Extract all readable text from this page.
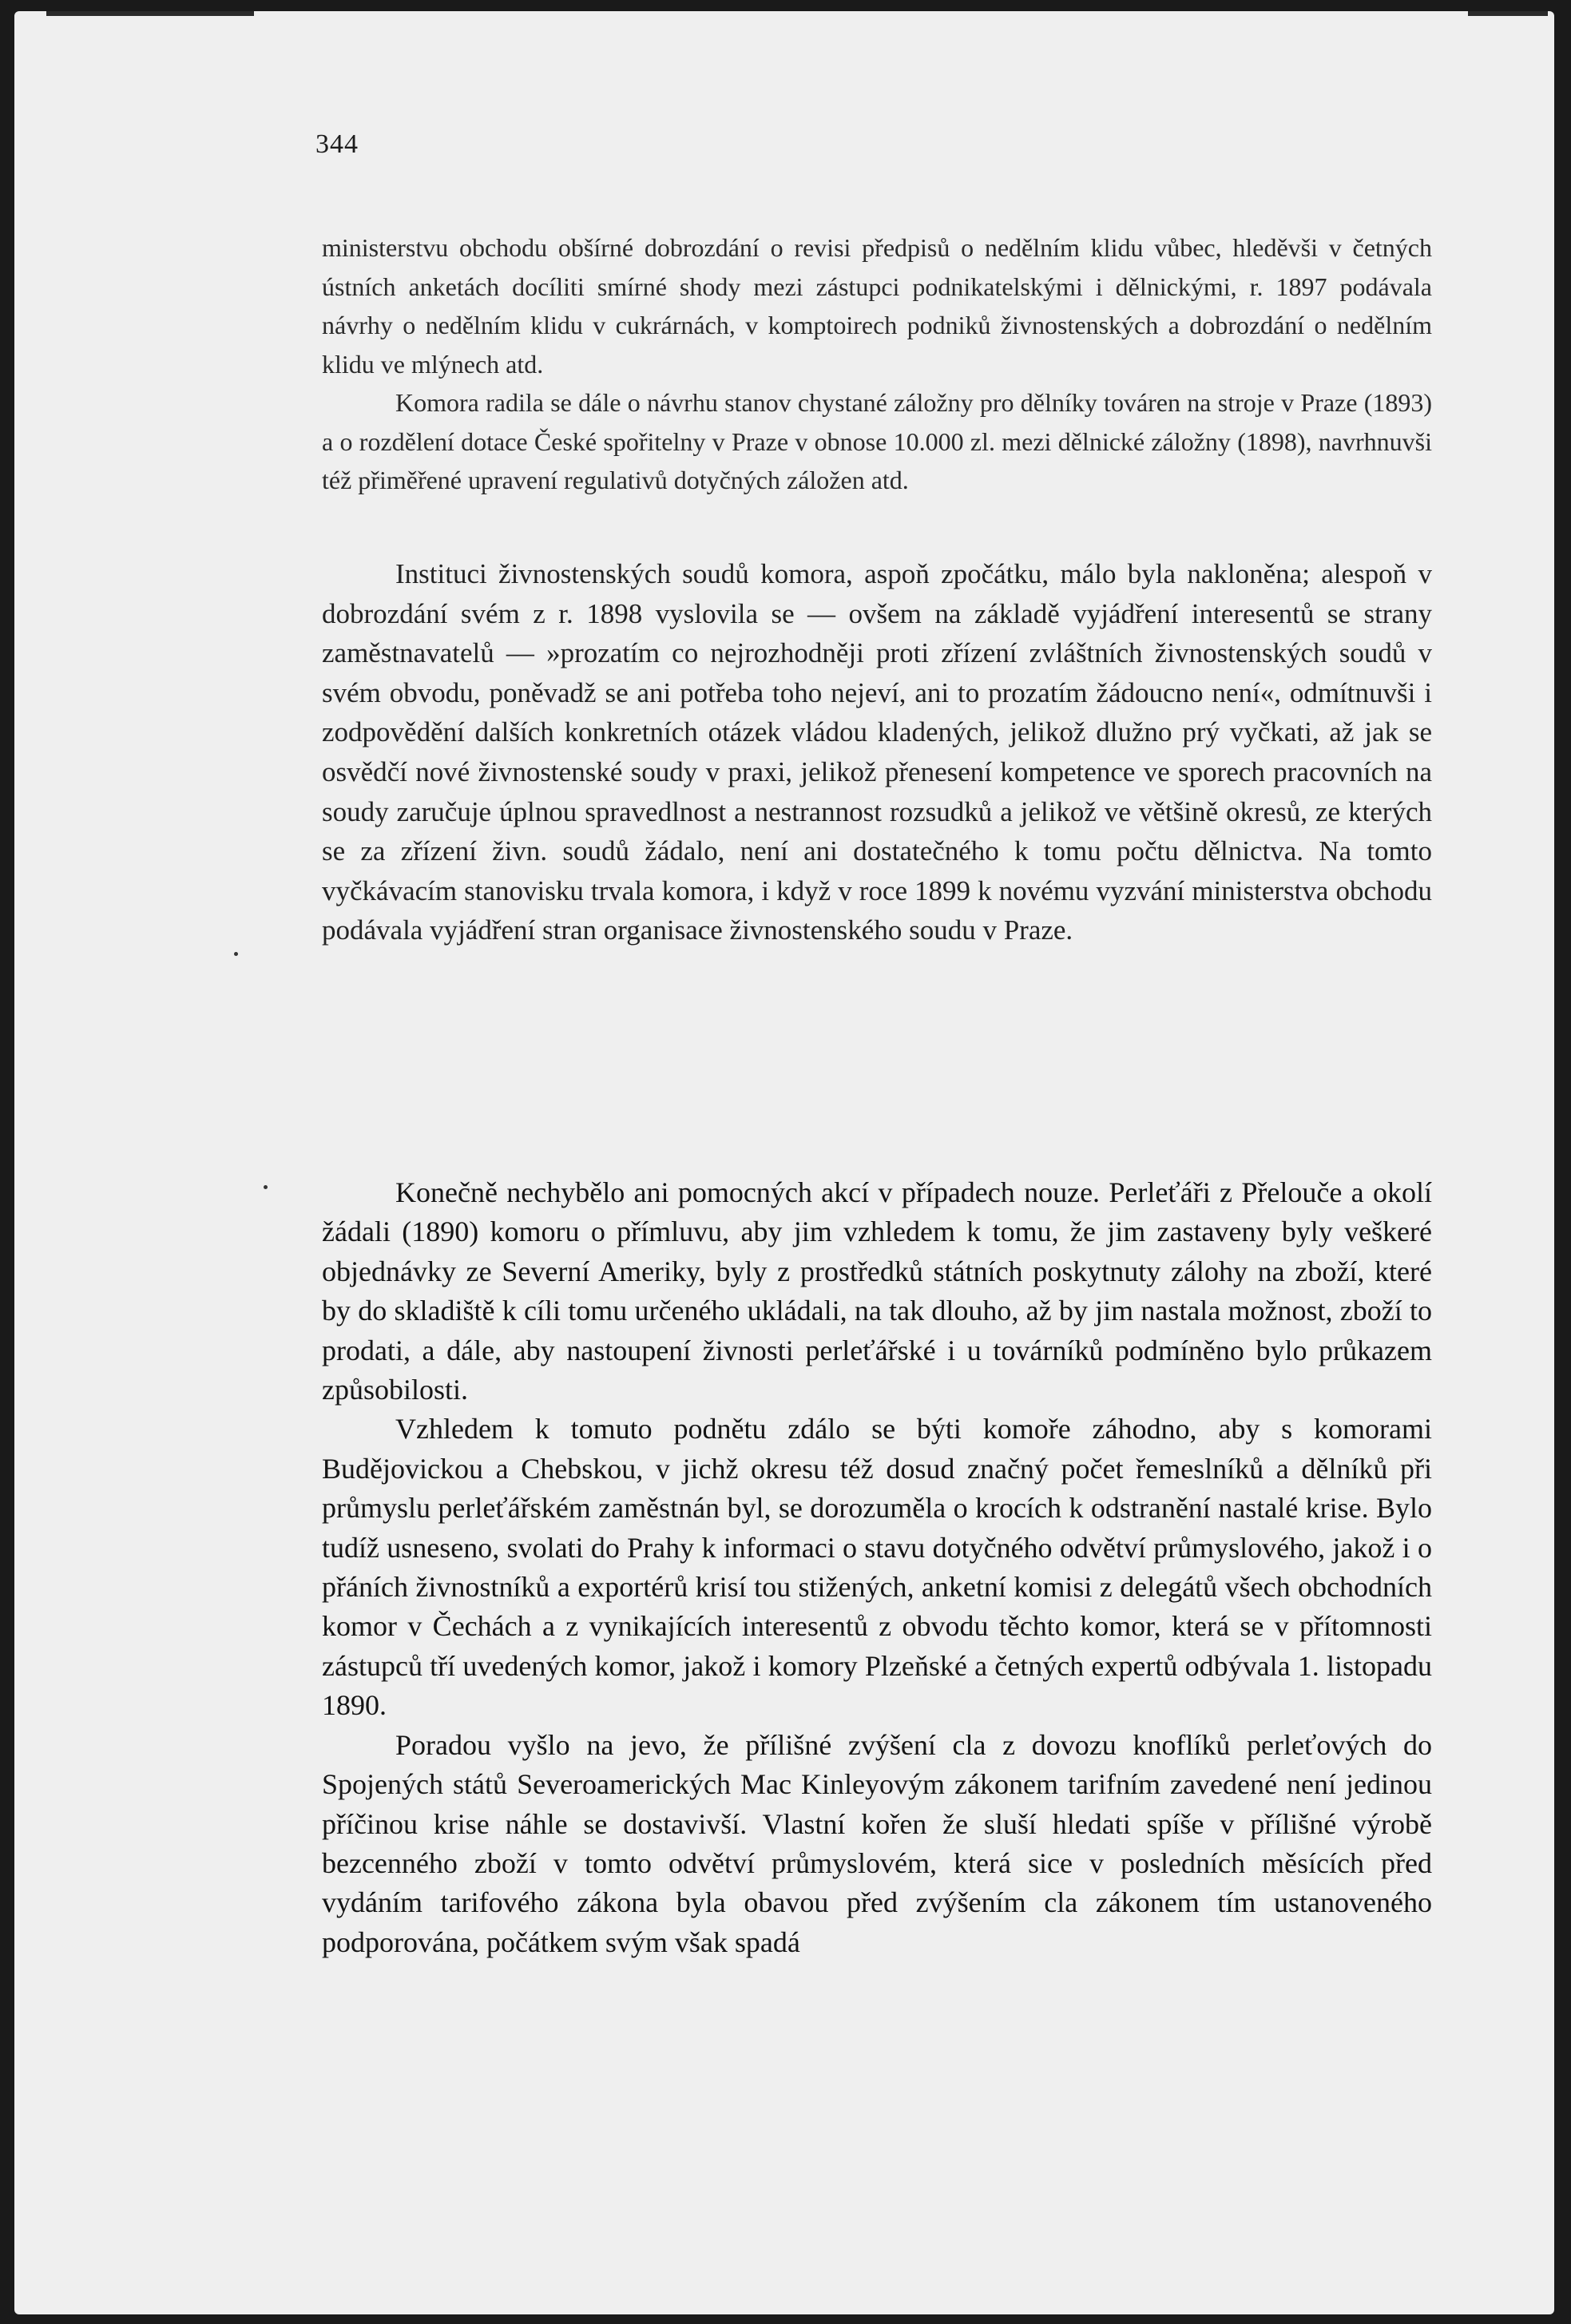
344

ministerstvu obchodu obšírné dobrozdání o revisi předpisů o nedělním klidu vůbec, hleděvši v četných ústních anketách docíliti smírné shody mezi zástupci podnikatelskými i dělnickými, r. 1897 podávala návrhy o nedělním klidu v cukrárnách, v komptoirech podniků živnostenských a dobrozdání o nedělním klidu ve mlýnech atd.

Komora radila se dále o návrhu stanov chystané záložny pro dělníky továren na stroje v Praze (1893) a o rozdělení dotace České spořitelny v Praze v obnose 10.000 zl. mezi dělnické záložny (1898), navrhnuvši též přiměřené upravení regulativů dotyčných záložen atd.

Instituci živnostenských soudů komora, aspoň zpočátku, málo byla nakloněna; alespoň v dobrozdání svém z r. 1898 vyslovila se — ovšem na základě vyjádření interesentů se strany zaměstnavatelů — »prozatím co nejrozhodněji proti zřízení zvláštních živnostenských soudů v svém obvodu, poněvadž se ani potřeba toho nejeví, ani to prozatím žádoucno není«, odmítnuvši i zodpovědění dalších konkretních otázek vládou kladených, jelikož dlužno prý vyčkati, až jak se osvědčí nové živnostenské soudy v praxi, jelikož přenesení kompetence ve sporech pracovních na soudy zaručuje úplnou spravedlnost a nestrannost rozsudků a jelikož ve většině okresů, ze kterých se za zřízení živn. soudů žádalo, není ani dostatečného k tomu počtu dělnictva. Na tomto vyčkávacím stanovisku trvala komora, i když v roce 1899 k novému vyzvání ministerstva obchodu podávala vyjádření stran organisace živnostenského soudu v Praze.

Konečně nechybělo ani pomocných akcí v případech nouze. Perleťáři z Přelouče a okolí žádali (1890) komoru o přímluvu, aby jim vzhledem k tomu, že jim zastaveny byly veškeré objednávky ze Severní Ameriky, byly z prostředků státních poskytnuty zálohy na zboží, které by do skladiště k cíli tomu určeného ukládali, na tak dlouho, až by jim nastala možnost, zboží to prodati, a dále, aby nastoupení živnosti perleťářské i u továrníků podmíněno bylo průkazem způsobilosti.

Vzhledem k tomuto podnětu zdálo se býti komoře záhodno, aby s komorami Budějovickou a Chebskou, v jichž okresu též dosud značný počet řemeslníků a dělníků při průmyslu perleťářském zaměstnán byl, se dorozuměla o krocích k odstranění nastalé krise. Bylo tudíž usneseno, svolati do Prahy k informaci o stavu dotyčného odvětví průmyslového, jakož i o přáních živnostníků a exportérů krisí tou stižených, anketní komisi z delegátů všech obchodních komor v Čechách a z vynikajících interesentů z obvodu těchto komor, která se v přítomnosti zástupců tří uvedených komor, jakož i komory Plzeňské a četných expertů odbývala 1. listopadu 1890.

Poradou vyšlo na jevo, že přílišné zvýšení cla z dovozu knoflíků perleťových do Spojených států Severoamerických Mac Kinleyovým zákonem tarifním zavedené není jedinou příčinou krise náhle se dostavivší. Vlastní kořen že sluší hledati spíše v přílišné výrobě bezcenného zboží v tomto odvětví průmyslovém, která sice v posledních měsících před vydáním tarifového zákona byla obavou před zvýšením cla zákonem tím ustanoveného podporována, počátkem svým však spadá
